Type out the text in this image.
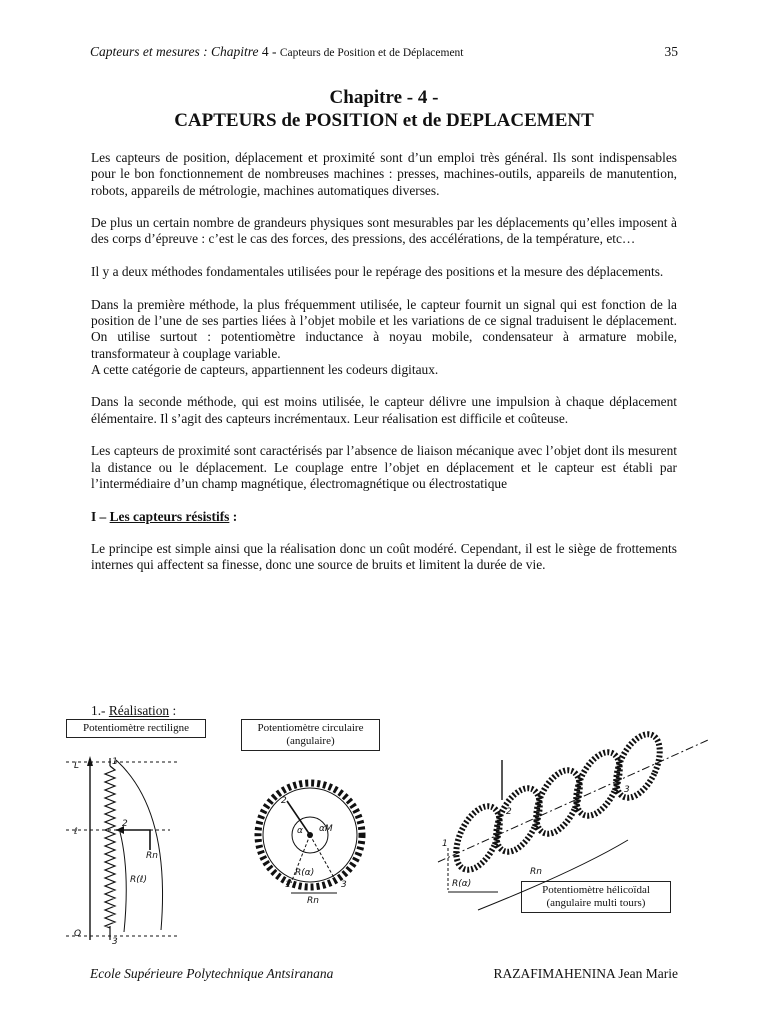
Capteurs et mesures : Chapitre 4 - Capteurs de Position et de Déplacement	35
Chapitre - 4 -
CAPTEURS de POSITION et de DEPLACEMENT

Les capteurs de position, déplacement et proximité sont d’un emploi très général. Ils sont indispensables pour le bon fonctionnement de nombreuses machines : presses, machines-outils, appareils de manutention, robots, appareils de métrologie, machines automatiques diverses.

De plus un certain nombre de grandeurs physiques sont mesurables par les déplacements qu’elles imposent à des corps d’épreuve : c’est le cas des forces, des pressions, des accélérations, de la température, etc…

Il y a deux méthodes fondamentales utilisées pour le repérage des positions et la mesure des déplacements.

Dans la première méthode, la plus fréquemment utilisée, le capteur fournit un signal qui est fonction de la position de l’une de ses parties liées à l’objet mobile et les variations de ce signal traduisent le déplacement. On utilise surtout : potentiomètre inductance à noyau mobile, condensateur à armature mobile, transformateur à couplage variable.

A cette catégorie de capteurs, appartiennent les codeurs digitaux.

Dans la seconde méthode, qui est moins utilisée, le capteur délivre une impulsion à chaque déplacement élémentaire. Il s’agit des capteurs incrémentaux. Leur réalisation est difficile et coûteuse.

Les capteurs de proximité sont caractérisés par l’absence de liaison mécanique avec l’objet dont ils mesurent la distance ou le déplacement. Le couplage entre l’objet en déplacement et le capteur est établi par l’intermédiaire d’un champ magnétique, électromagnétique ou électrostatique

I – Les capteurs résistifs :

Le principe est simple ainsi que la réalisation donc un coût modéré. Cependant, il est le siège de frottements internes qui affectent sa finesse, donc une source de bruits et limitent la durée de vie.

1.- Réalisation :
Potentiomètre rectiligne	Potentiomètre circulaire
(angulaire)
Potentiomètre hélicoïdal
(angulaire multi tours)
L
ℓ
O
1
2
3
Rn
R(ℓ)
2
α αM
1	3
R(α)
Rn
1
2
3
R(α)
Rn
Ecole Supérieure Polytechnique Antsiranana	RAZAFIMAHENINA Jean Marie
